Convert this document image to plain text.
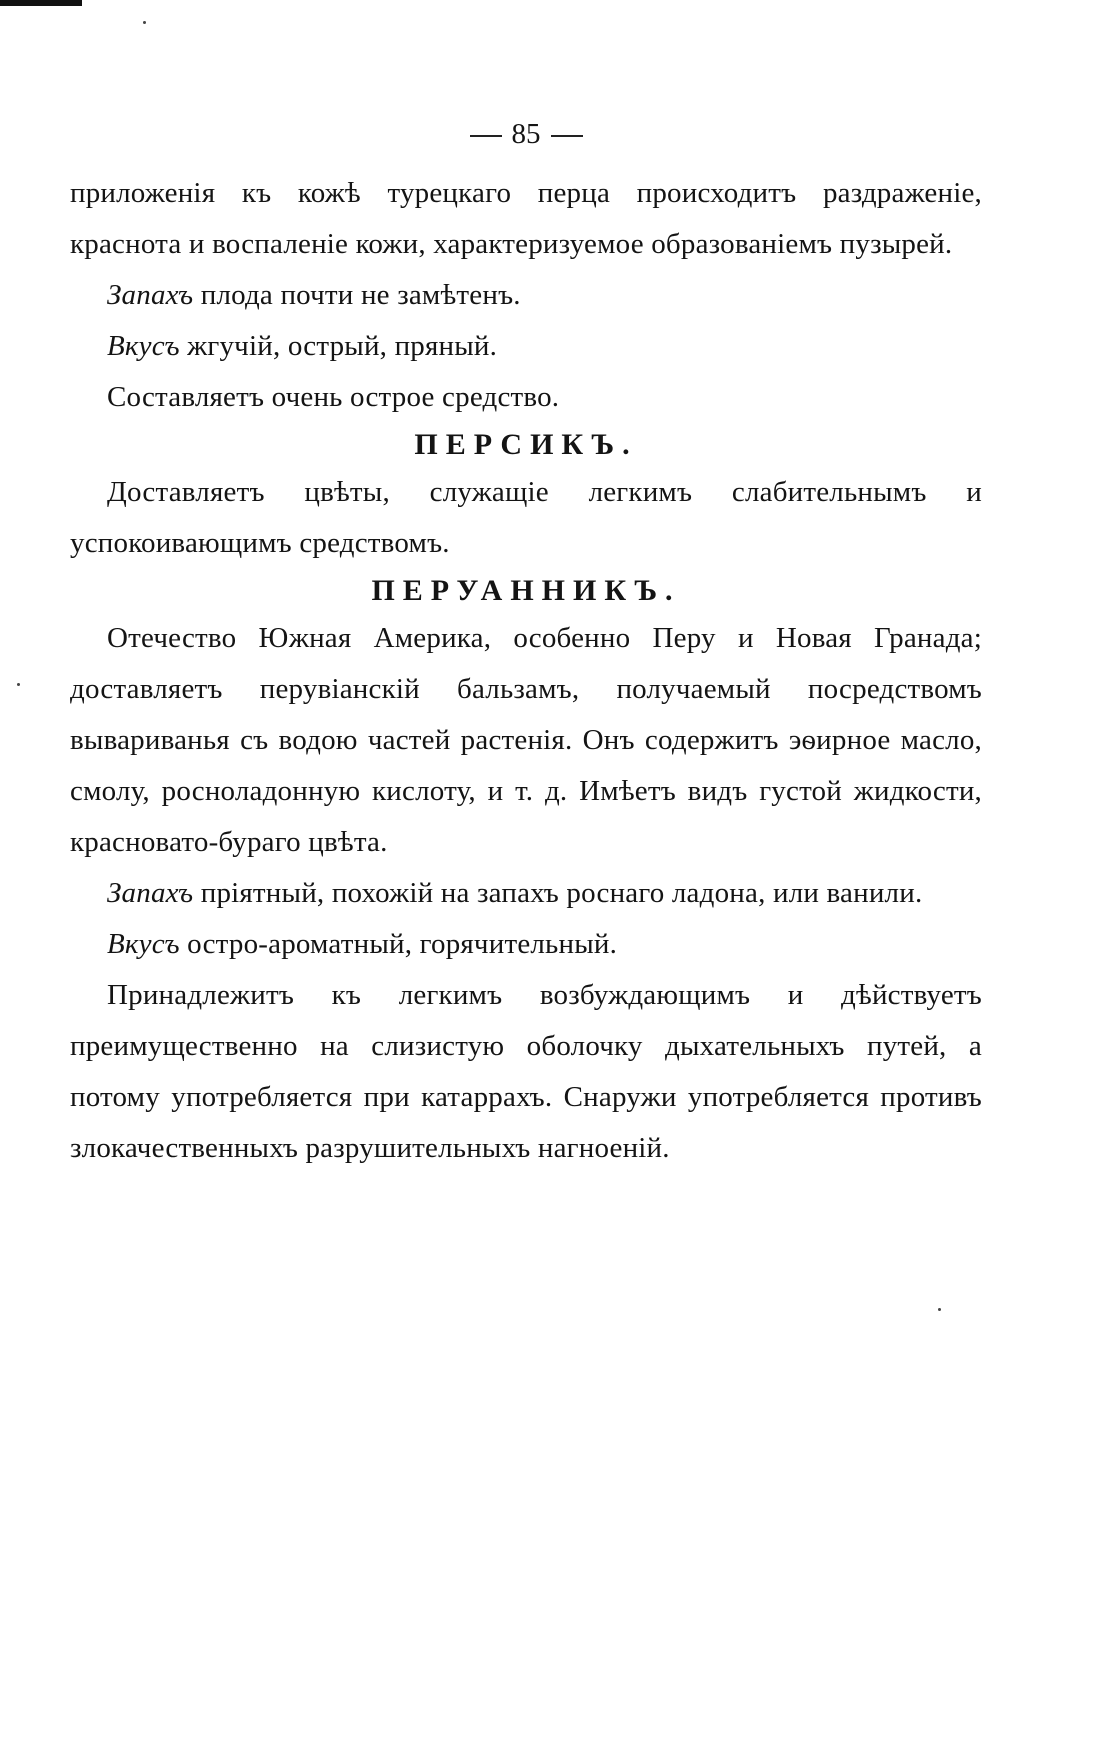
85

приложенія къ кожѣ турецкаго перца происходитъ раздраженіе, краснота и воспаленіе кожи, характеризуемое образованіемъ пузырей.

Запахъ плода почти не замѣтенъ.

Вкусъ жгучій, острый, пряный.

Составляетъ очень острое средство.

ПЕРСИКЪ.

Доставляетъ цвѣты, служащіе легкимъ слабительнымъ и успокоивающимъ средствомъ.

ПЕРУАННИКЪ.

Отечество Южная Америка, особенно Перу и Новая Гранада; доставляетъ перувіанскій бальзамъ, получаемый посредствомъ вывариванья съ водою частей растенія. Онъ содержитъ эѳирное масло, смолу, росноладонную кислоту, и т. д. Имѣетъ видъ густой жидкости, красновато-бураго цвѣта.

Запахъ пріятный, похожій на запахъ роснаго ладона, или ванили.

Вкусъ остро-ароматный, горячительный.

Принадлежитъ къ легкимъ возбуждающимъ и дѣйствуетъ преимущественно на слизистую оболочку дыхательныхъ путей, а потому употребляется при катаррахъ. Снаружи употребляется противъ злокачественныхъ разрушительныхъ нагноеній.
